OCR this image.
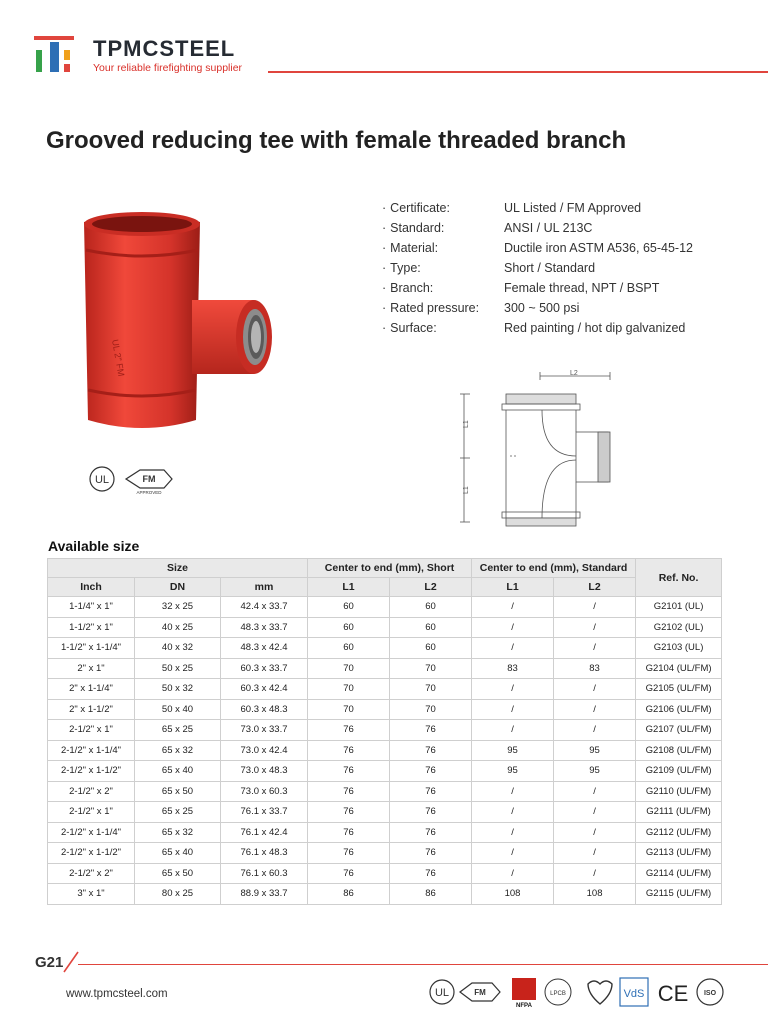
TPMCSTEEL
Your reliable firefighting supplier
Grooved reducing tee with female threaded branch
UL 2" FM
UL	FM
APPROVED
· Certificate:	UL Listed / FM Approved
· Standard:	ANSI / UL 213C
· Material:	Ductile iron ASTM A536, 65-45-12
· Type:	Short / Standard
· Branch:	Female thread, NPT / BSPT
· Rated pressure: 300 ~ 500 psi
· Surface:	Red painting / hot dip galvanized
L2
L1
L1
Available size
Size			Center to end (mm), Short		Center to end (mm), Standard		Ref. No.
Inch	DN	mm	L1	L2	L1	L2	
1-1/4" x 1"	32 x 25	42.4 x 33.7	60	60	/	/	G2101 (UL)
1-1/2" x 1"	40 x 25	48.3 x 33.7	60	60	/	/	G2102 (UL)
1-1/2" x 1-1/4"	40 x 32	48.3 x 42.4	60	60	/	/	G2103 (UL)
2" x 1"	50 x 25	60.3 x 33.7	70	70	83	83	G2104 (UL/FM)
2" x 1-1/4"	50 x 32	60.3 x 42.4	70	70	/	/	G2105 (UL/FM)
2" x 1-1/2"	50 x 40	60.3 x 48.3	70	70	/	/	G2106 (UL/FM)
2-1/2" x 1"	65 x 25	73.0 x 33.7	76	76	/	/	G2107 (UL/FM)
2-1/2" x 1-1/4"	65 x 32	73.0 x 42.4	76	76	95	95	G2108 (UL/FM)
2-1/2" x 1-1/2"	65 x 40	73.0 x 48.3	76	76	95	95	G2109 (UL/FM)
2-1/2" x 2"	65 x 50	73.0 x 60.3	76	76	/	/	G2110 (UL/FM)
2-1/2" x 1"	65 x 25	76.1 x 33.7	76	76	/	/	G2111 (UL/FM)
2-1/2" x 1-1/4"	65 x 32	76.1 x 42.4	76	76	/	/	G2112 (UL/FM)
2-1/2" x 1-1/2"	65 x 40	76.1 x 48.3	76	76	/	/	G2113 (UL/FM)
2-1/2" x 2"	65 x 50	76.1 x 60.3	76	76	/	/	G2114 (UL/FM)
3" x 1"	80 x 25	88.9 x 33.7	86	86	108	108	G2115 (UL/FM)
G21
www.tpmcsteel.com	UL	FM
NFPA
LPCB	VdS CE ISO
